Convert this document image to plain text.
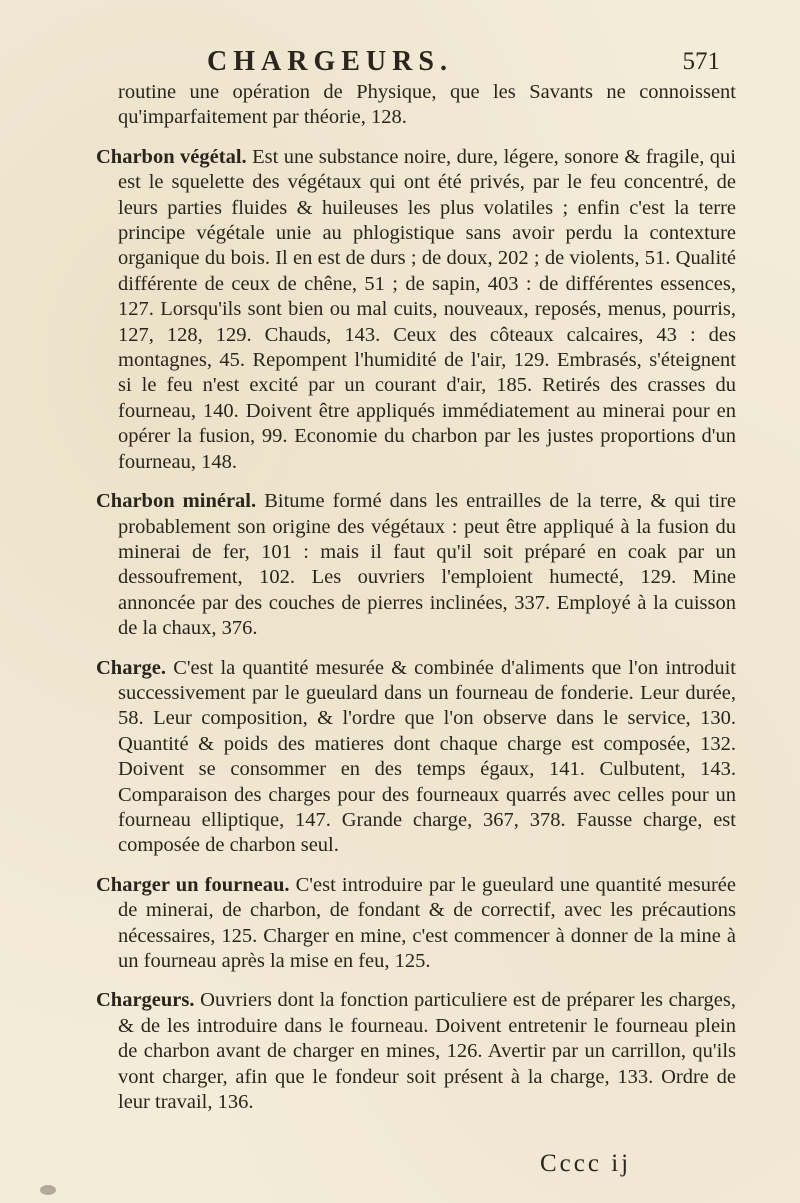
CHARGEURS.	571

routine une opération de Physique, que les Savants ne connoissent qu'imparfaitement par théorie, 128.

Charbon végétal. Est une substance noire, dure, légere, sonore & fragile, qui est le squelette des végétaux qui ont été privés, par le feu concentré, de leurs parties fluides & huileuses les plus volatiles ; enfin c'est la terre principe végétale unie au phlogistique sans avoir perdu la contexture organique du bois. Il en est de durs ; de doux, 202 ; de violents, 51. Qualité différente de ceux de chêne, 51 ; de sapin, 403 : de différentes essences, 127. Lorsqu'ils sont bien ou mal cuits, nouveaux, reposés, menus, pourris, 127, 128, 129. Chauds, 143. Ceux des côteaux calcaires, 43 : des montagnes, 45. Repompent l'humidité de l'air, 129. Embrasés, s'éteignent si le feu n'est excité par un courant d'air, 185. Retirés des crasses du fourneau, 140. Doivent être appliqués immédiatement au minerai pour en opérer la fusion, 99. Economie du charbon par les justes proportions d'un fourneau, 148.

Charbon minéral. Bitume formé dans les entrailles de la terre, & qui tire probablement son origine des végétaux : peut être appliqué à la fusion du minerai de fer, 101 : mais il faut qu'il soit préparé en coak par un dessoufrement, 102. Les ouvriers l'emploient humecté, 129. Mine annoncée par des couches de pierres inclinées, 337. Employé à la cuisson de la chaux, 376.

Charge. C'est la quantité mesurée & combinée d'aliments que l'on introduit successivement par le gueulard dans un fourneau de fonderie. Leur durée, 58. Leur composition, & l'ordre que l'on observe dans le service, 130. Quantité & poids des matieres dont chaque charge est composée, 132. Doivent se consommer en des temps égaux, 141. Culbutent, 143. Comparaison des charges pour des fourneaux quarrés avec celles pour un fourneau elliptique, 147. Grande charge, 367, 378. Fausse charge, est composée de charbon seul.

Charger un fourneau. C'est introduire par le gueulard une quantité mesurée de minerai, de charbon, de fondant & de correctif, avec les précautions nécessaires, 125. Charger en mine, c'est commencer à donner de la mine à un fourneau après la mise en feu, 125.

Chargeurs. Ouvriers dont la fonction particuliere est de préparer les charges, & de les introduire dans le fourneau. Doivent entretenir le fourneau plein de charbon avant de charger en mines, 126. Avertir par un carrillon, qu'ils vont charger, afin que le fondeur soit présent à la charge, 133. Ordre de leur travail, 136.

Cccc ij
